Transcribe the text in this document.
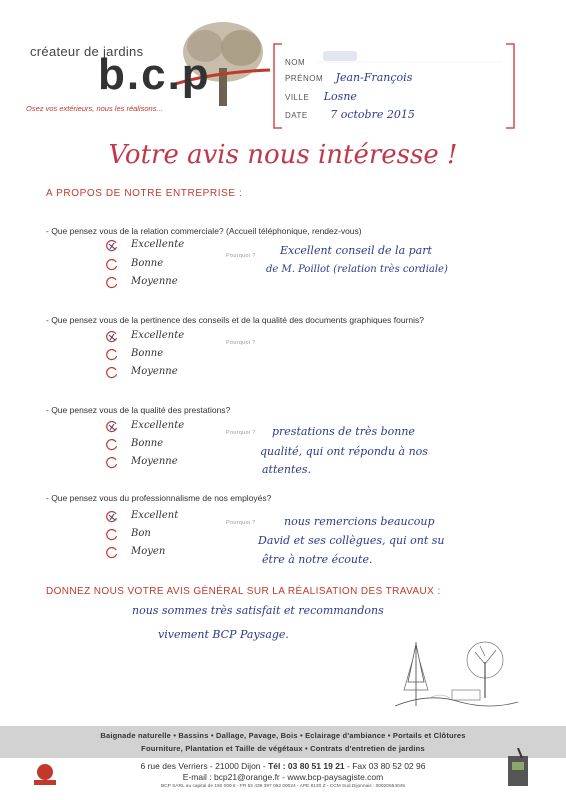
créateur de jardins
b.c.p
Osez vos extérieurs, nous les réalisons...
NOM
PRÉNOM Jean-François
VILLE Losne
DATE 7 octobre 2015
Votre avis nous intéresse !
A PROPOS DE NOTRE ENTREPRISE :
- Que pensez vous de la relation commerciale? (Accueil téléphonique, rendez-vous)
Excellente
Bonne
Moyenne
Pourquoi ? Excellent conseil de la part
de M. Poillot (relation très cordiale)
- Que pensez vous de la pertinence des conseils et de la qualité des documents graphiques fournis?
Excellente
Bonne
Moyenne
Pourquoi ?
- Que pensez vous de la qualité des prestations?
Excellente
Bonne
Moyenne
Pourquoi ? prestations de très bonne
qualité, qui ont répondu à nos
attentes.
- Que pensez vous du professionnalisme de nos employés?
Excellent
Bon
Moyen
Pourquoi ?	nous remercions beaucoup
David et ses collègues, qui ont su
être à notre écoute.
DONNEZ NOUS VOTRE AVIS GÉNÉRAL SUR LA RÉALISATION DES TRAVAUX :
nous sommes très satisfait et recommandons
vivement BCP Paysage.
Baignade naturelle • Bassins • Dallage, Pavage, Bois • Eclairage d'ambiance • Portails et Clôtures
Fourniture, Plantation et Taille de végétaux • Contrats d'entretien de jardins
6 rue des Verriers - 21000 Dijon - Tél : 03 80 51 19 21 - Fax 03 80 52 02 96
E-mail : bcp21@orange.fr - www.bcp-paysagiste.com
BCP SARL au capital de 150 000 € - FR 52 439 397 062 00024 - APE 8130 Z - CCM Sud Dijonnais : 00020654045
